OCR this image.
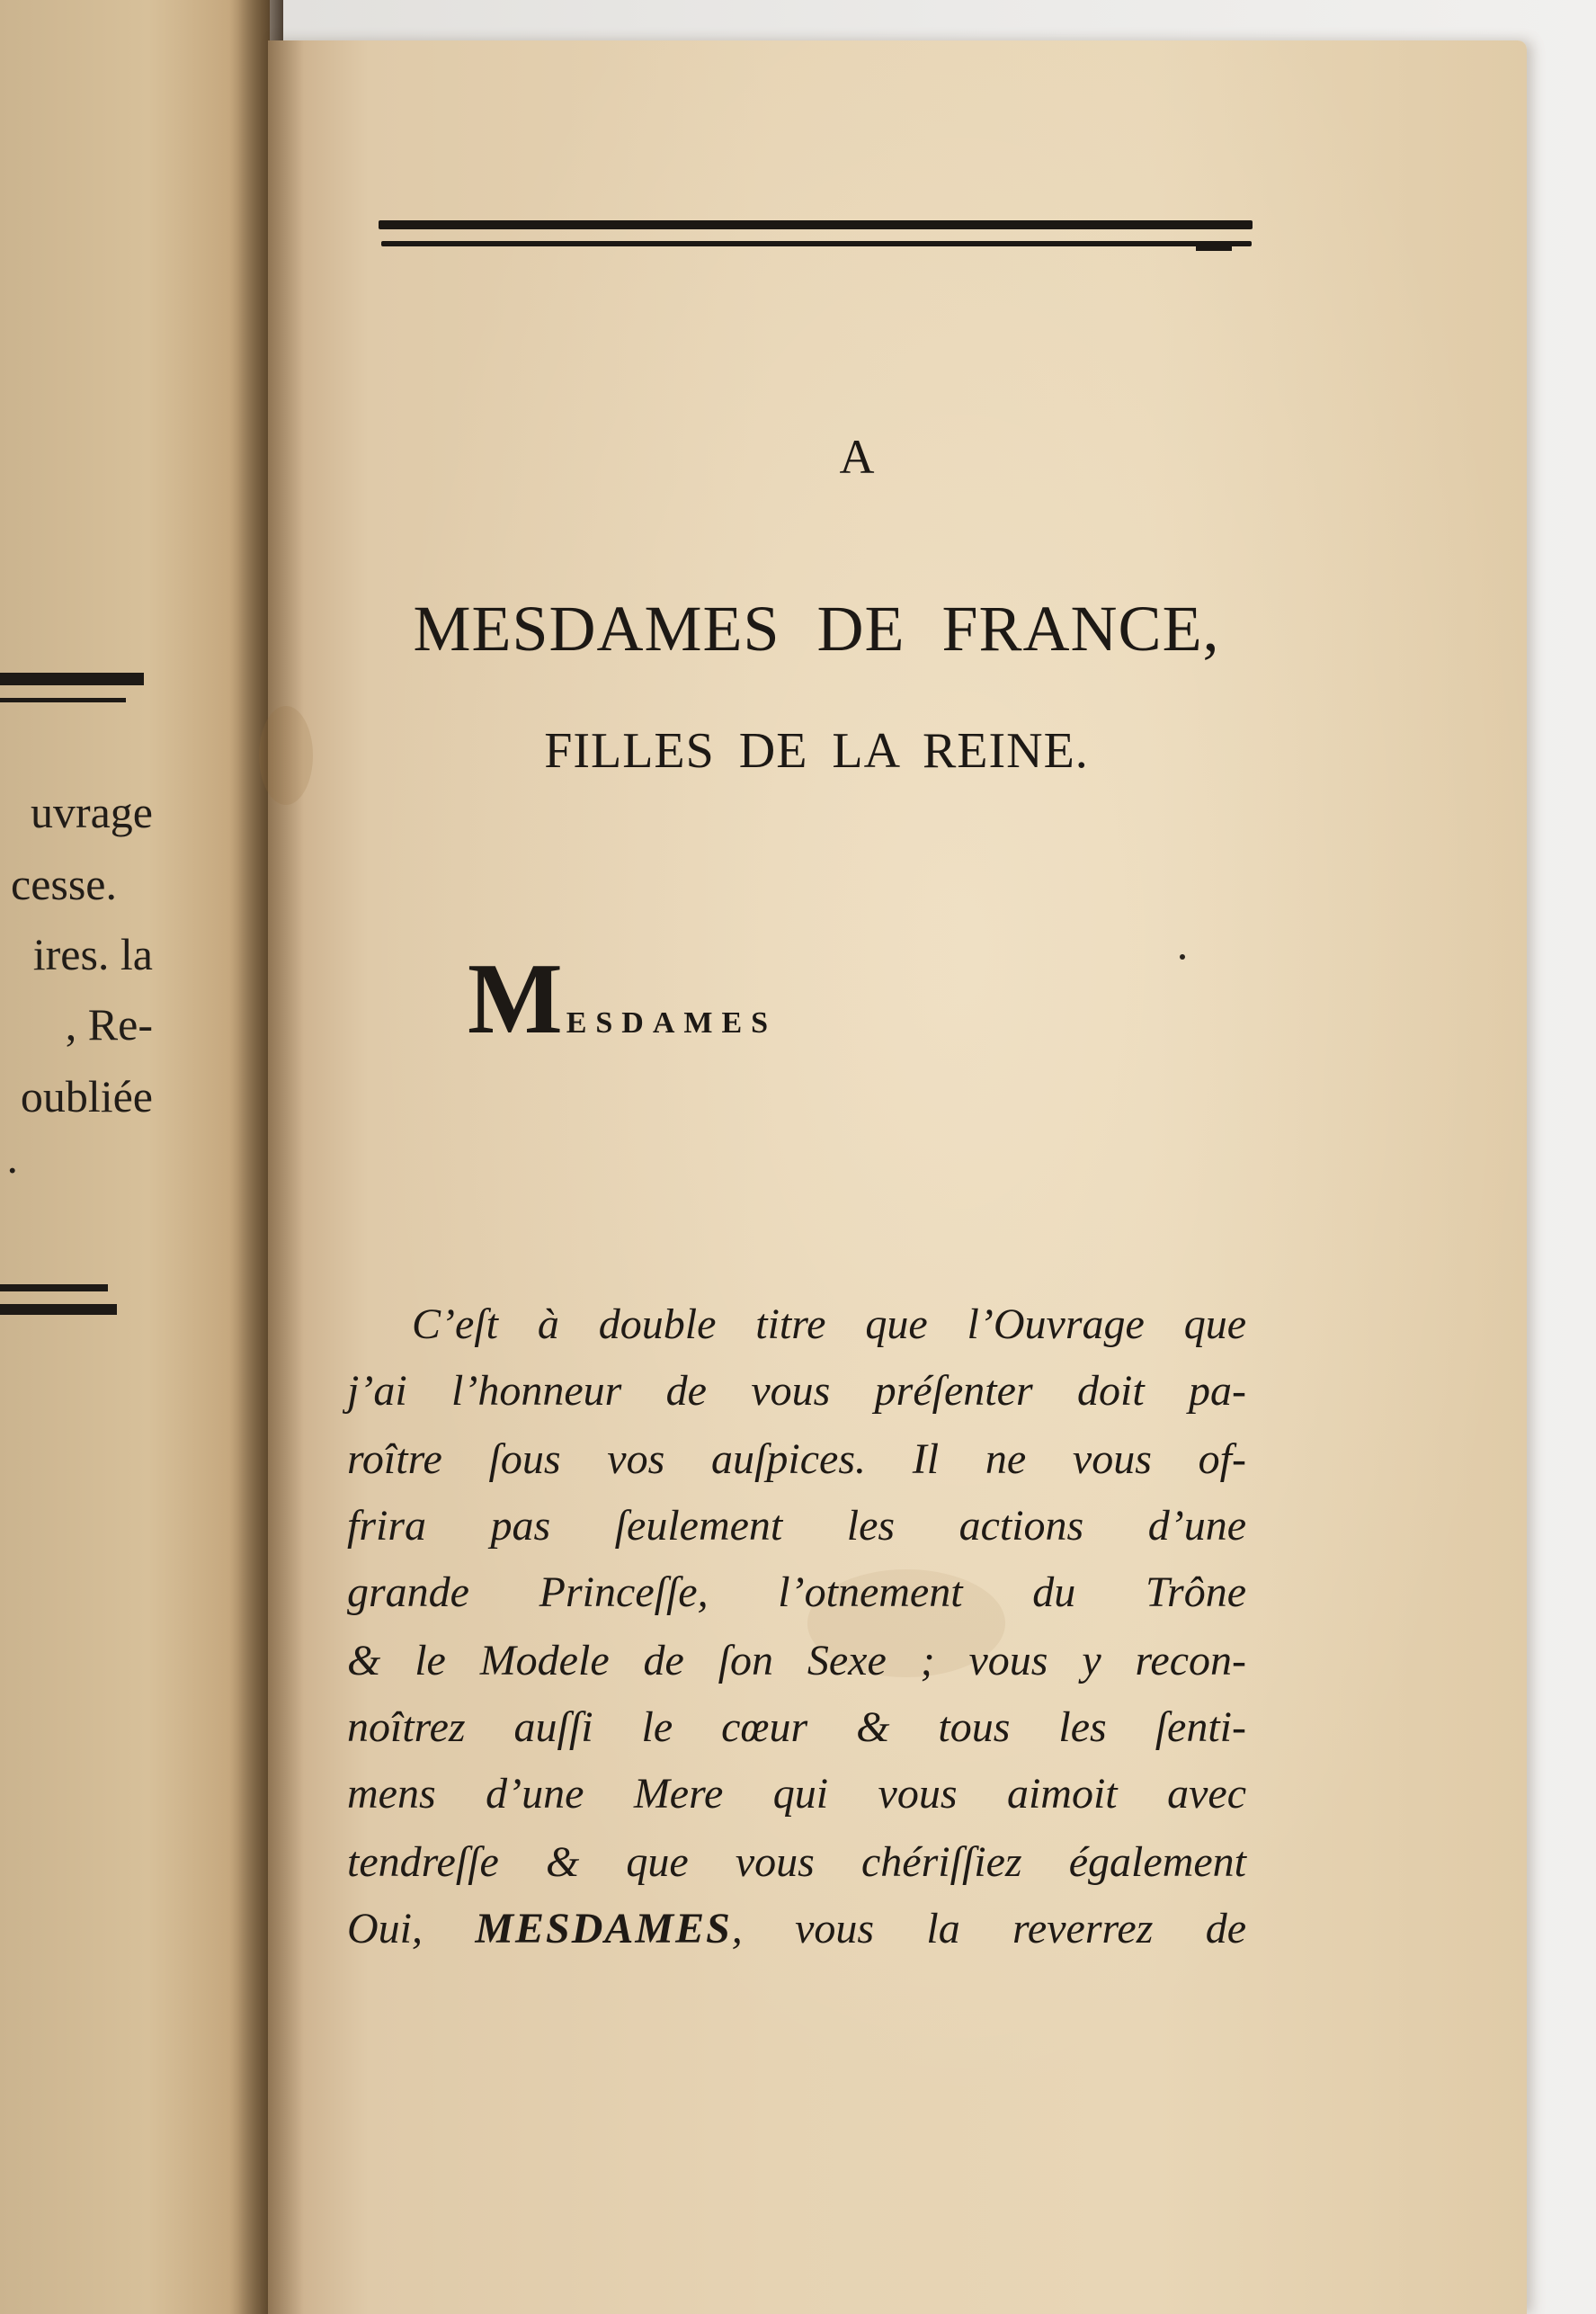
uvrage
cesse.
ires. la
, Re-
oubliée
.
A
MESDAMES DE FRANCE,
FILLES DE LA REINE.
MESDAMES
C’eſt à double titre que l’Ouvrage que
j’ai l’honneur de vous préſenter doit pa-
roître ſous vos auſpices. Il ne vous of-
frira pas ſeulement les actions d’une
grande Princeſſe, l’otnement du Trône
& le Modele de ſon Sexe ; vous y recon-
noîtrez auſſi le cœur & tous les ſenti-
mens d’une Mere qui vous aimoit avec
tendreſſe & que vous chériſſiez également
Oui, MESDAMES, vous la reverrez de
